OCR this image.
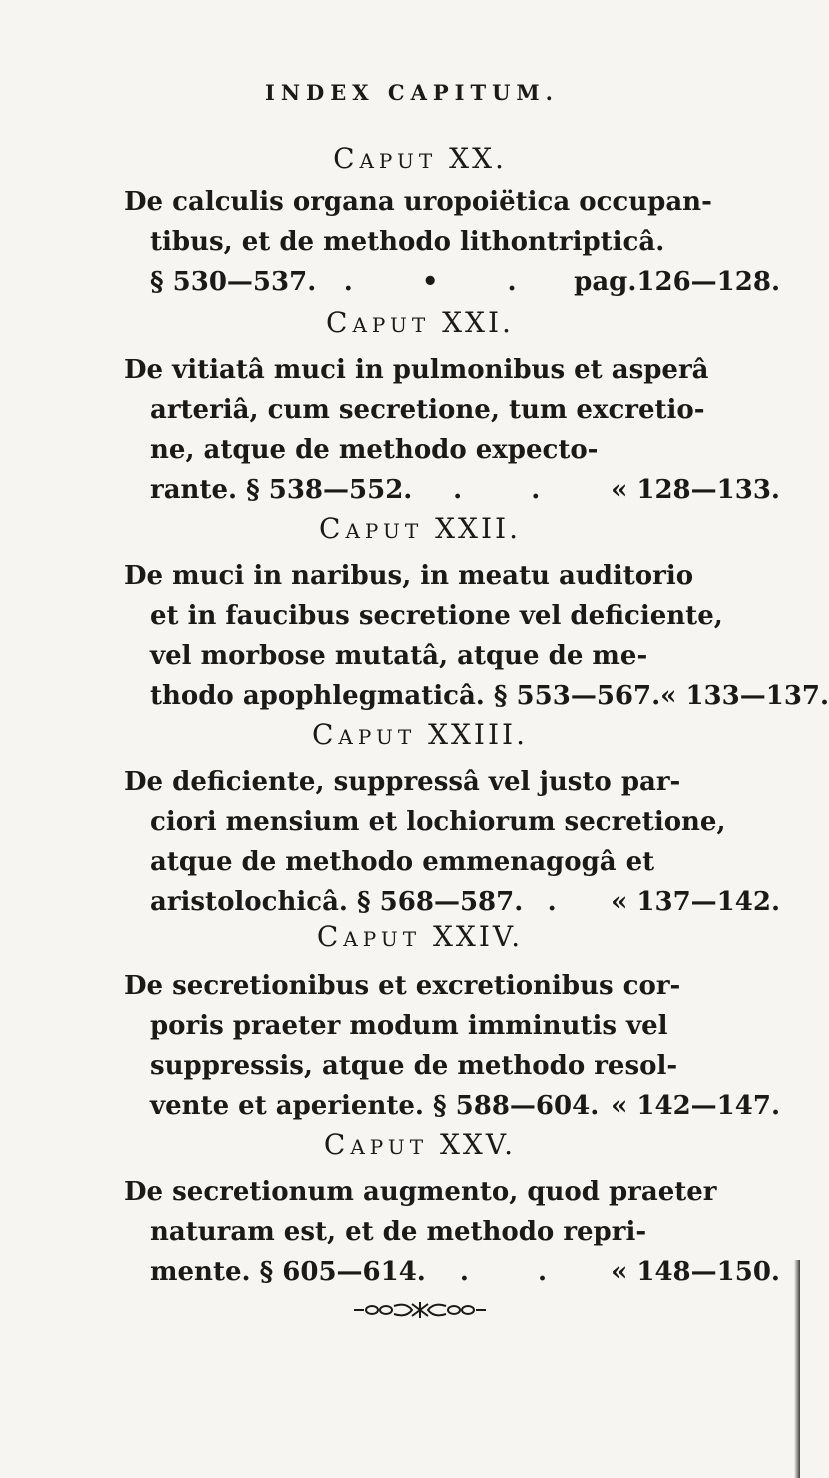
INDEX CAPITUM.
Caput XX.
De calculis organa uropoiëtica occupan-
tibus, et de methodo lithontripticâ.
§ 530—537. . • . pag.126—128.
Caput XXI.
De vitiatâ muci in pulmonibus et asperâ
arteriâ, cum secretione, tum excretio-
ne, atque de methodo expecto-
rante. § 538—552. . . « 128—133.
Caput XXII.
De muci in naribus, in meatu auditorio
et in faucibus secretione vel deficiente,
vel morbose mutatâ, atque de me-
thodo apophlegmaticâ. § 553—567. « 133—137.
Caput XXIII.
De deficiente, suppressâ vel justo par-
ciori mensium et lochiorum secretione,
atque de methodo emmenagogâ et
aristolochicâ. § 568—587. . « 137—142.
Caput XXIV.
De secretionibus et excretionibus cor-
poris praeter modum imminutis vel
suppressis, atque de methodo resol-
vente et aperiente. § 588—604. « 142—147.
Caput XXV.
De secretionum augmento, quod praeter
naturam est, et de methodo repri-
mente. § 605—614. . . « 148—150.
